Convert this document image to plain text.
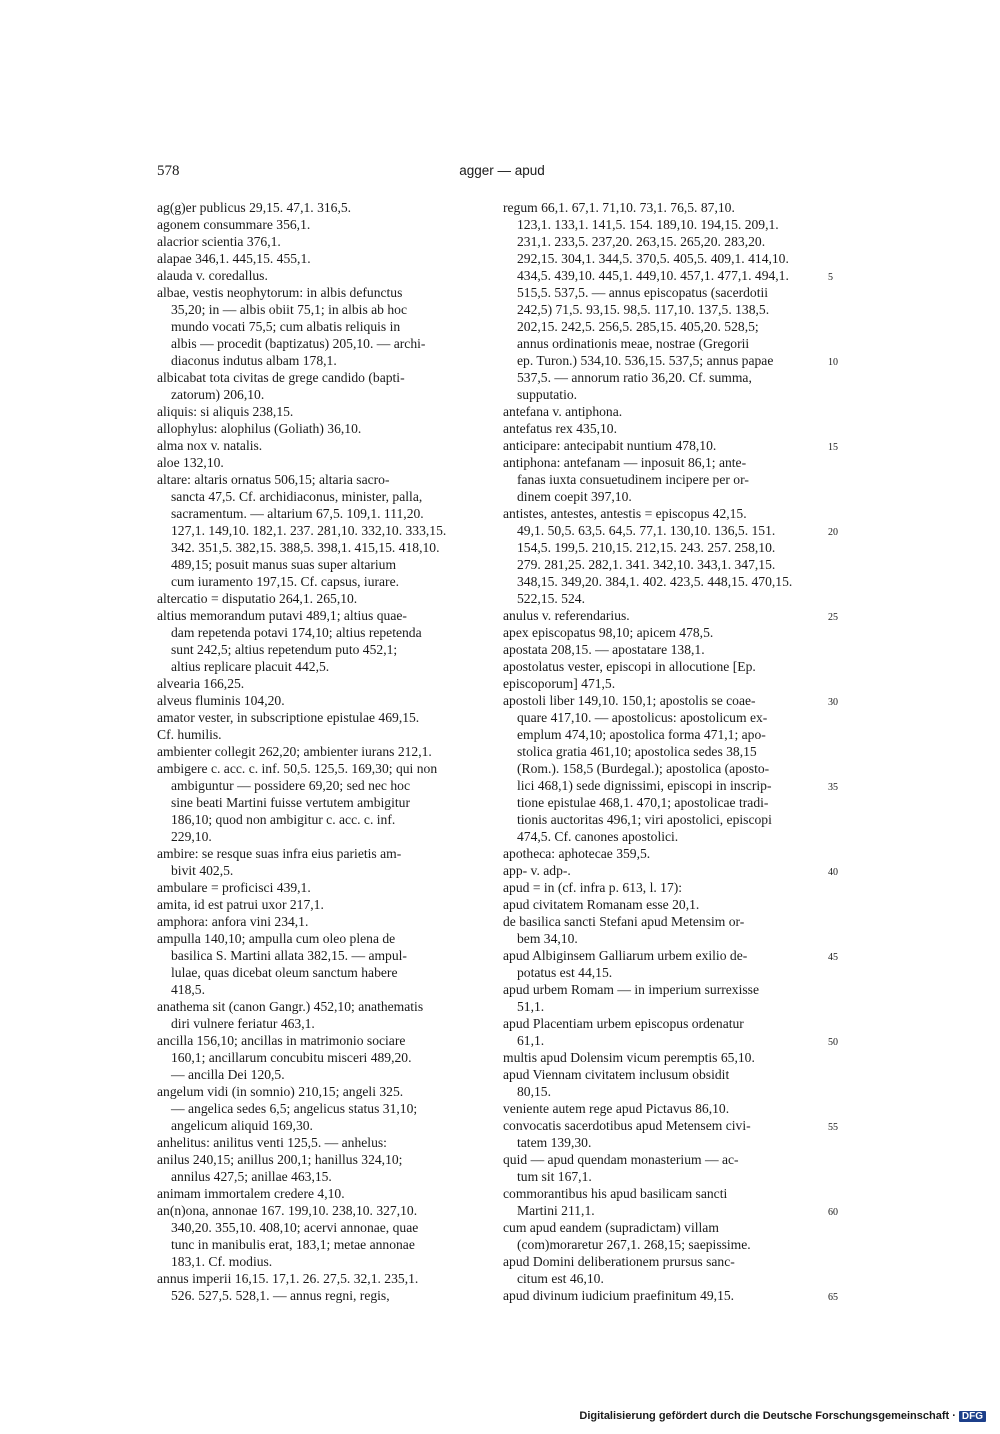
578	agger — apud
ag(g)er publicus 29,15. 47,1. 316,5.
agonem consummare 356,1.
alacrior scientia 376,1.
alapae 346,1. 445,15. 455,1.
alauda v. coredallus.
albae, vestis neophytorum: in albis defunctus
35,20; in — albis obiit 75,1; in albis ab hoc
mundo vocati 75,5; cum albatis reliquis in
albis — procedit (baptizatus) 205,10. — archi-
diaconus indutus albam 178,1.
albicabat tota civitas de grege candido (bapti-
zatorum) 206,10.
aliquis: si aliquis 238,15.
allophylus: alophilus (Goliath) 36,10.
alma nox v. natalis.
aloe 132,10.
altare: altaris ornatus 506,15; altaria sacro-
sancta 47,5. Cf. archidiaconus, minister, palla,
sacramentum. — altarium 67,5. 109,1. 111,20.
127,1. 149,10. 182,1. 237. 281,10. 332,10. 333,15.
342. 351,5. 382,15. 388,5. 398,1. 415,15. 418,10.
489,15; posuit manus suas super altarium
cum iuramento 197,15. Cf. capsus, iurare.
altercatio = disputatio 264,1. 265,10.
altius memorandum putavi 489,1; altius quae-
dam repetenda potavi 174,10; altius repetenda
sunt 242,5; altius repetendum puto 452,1;
altius replicare placuit 442,5.
alvearia 166,25.
alveus fluminis 104,20.
amator vester, in subscriptione epistulae 469,15.
Cf. humilis.
ambienter collegit 262,20; ambienter iurans 212,1.
ambigere c. acc. c. inf. 50,5. 125,5. 169,30; qui non
ambiguntur — possidere 69,20; sed nec hoc
sine beati Martini fuisse vertutem ambigitur
186,10; quod non ambigitur c. acc. c. inf.
229,10.
ambire: se resque suas infra eius parietis am-
bivit 402,5.
ambulare = proficisci 439,1.
amita, id est patrui uxor 217,1.
amphora: anfora vini 234,1.
ampulla 140,10; ampulla cum oleo plena de
basilica S. Martini allata 382,15. — ampul-
lulae, quas dicebat oleum sanctum habere
418,5.
anathema sit (canon Gangr.) 452,10; anathematis
diri vulnere feriatur 463,1.
ancilla 156,10; ancillas in matrimonio sociare
160,1; ancillarum concubitu misceri 489,20.
— ancilla Dei 120,5.
angelum vidi (in somnio) 210,15; angeli 325.
— angelica sedes 6,5; angelicus status 31,10;
angelicum aliquid 169,30.
anhelitus: anilitus venti 125,5. — anhelus:
anilus 240,15; anillus 200,1; hanillus 324,10;
annilus 427,5; anillae 463,15.
animam immortalem credere 4,10.
an(n)ona, annonae 167. 199,10. 238,10. 327,10.
340,20. 355,10. 408,10; acervi annonae, quae
tunc in manibulis erat, 183,1; metae annonae
183,1. Cf. modius.
annus imperii 16,15. 17,1. 26. 27,5. 32,1. 235,1.
526. 527,5. 528,1. — annus regni, regis,
regum 66,1. 67,1. 71,10. 73,1. 76,5. 87,10.
123,1. 133,1. 141,5. 154. 189,10. 194,15. 209,1.
231,1. 233,5. 237,20. 263,15. 265,20. 283,20.
292,15. 304,1. 344,5. 370,5. 405,5. 409,1. 414,10.
434,5. 439,10. 445,1. 449,10. 457,1. 477,1. 494,1.
515,5. 537,5. — annus episcopatus (sacerdotii
242,5) 71,5. 93,15. 98,5. 117,10. 137,5. 138,5.
202,15. 242,5. 256,5. 285,15. 405,20. 528,5;
annus ordinationis meae, nostrae (Gregorii
ep. Turon.) 534,10. 536,15. 537,5; annus papae
537,5. — annorum ratio 36,20. Cf. summa,
supputatio.
antefana v. antiphona.
antefatus rex 435,10.
anticipare: antecipabit nuntium 478,10.
antiphona: antefanam — inposuit 86,1; ante-
fanas iuxta consuetudinem incipere per or-
dinem coepit 397,10.
antistes, antestes, antestis = episcopus 42,15.
49,1. 50,5. 63,5. 64,5. 77,1. 130,10. 136,5. 151.
154,5. 199,5. 210,15. 212,15. 243. 257. 258,10.
279. 281,25. 282,1. 341. 342,10. 343,1. 347,15.
348,15. 349,20. 384,1. 402. 423,5. 448,15. 470,15.
522,15. 524.
anulus v. referendarius.
apex episcopatus 98,10; apicem 478,5.
apostata 208,15. — apostatare 138,1.
apostolatus vester, episcopi in allocutione [Ep.
episcoporum] 471,5.
apostoli liber 149,10. 150,1; apostolis se coae-
quare 417,10. — apostolicus: apostolicum ex-
emplum 474,10; apostolica forma 471,1; apo-
stolica gratia 461,10; apostolica sedes 38,15
(Rom.). 158,5 (Burdegal.); apostolica (aposto-
lici 468,1) sede dignissimi, episcopi in inscrip-
tione epistulae 468,1. 470,1; apostolicae tradi-
tionis auctoritas 496,1; viri apostolici, episcopi
474,5. Cf. canones apostolici.
apotheca: aphotecae 359,5.
app- v. adp-.
apud = in (cf. infra p. 613, l. 17):
apud civitatem Romanam esse 20,1.
de basilica sancti Stefani apud Metensim or-
bem 34,10.
apud Albiginsem Galliarum urbem exilio de-
potatus est 44,15.
apud urbem Romam — in imperium surrexisse
51,1.
apud Placentiam urbem episcopus ordenatur
61,1.
multis apud Dolensim vicum peremptis 65,10.
apud Viennam civitatem inclusum obsidit
80,15.
veniente autem rege apud Pictavus 86,10.
convocatis sacerdotibus apud Metensem civi-
tatem 139,30.
quid — apud quendam monasterium — ac-
tum sit 167,1.
commorantibus his apud basilicam sancti
Martini 211,1.
cum apud eandem (supradictam) villam
(com)moraretur 267,1. 268,15; saepissime.
apud Domini deliberationem prursus sanc-
citum est 46,10.
apud divinum iudicium praefinitum 49,15.
5
10
15
20
25
30
35
40
45
50
55
60
65
Digitalisierung gefördert durch die Deutsche Forschungsgemeinschaft · DFG
